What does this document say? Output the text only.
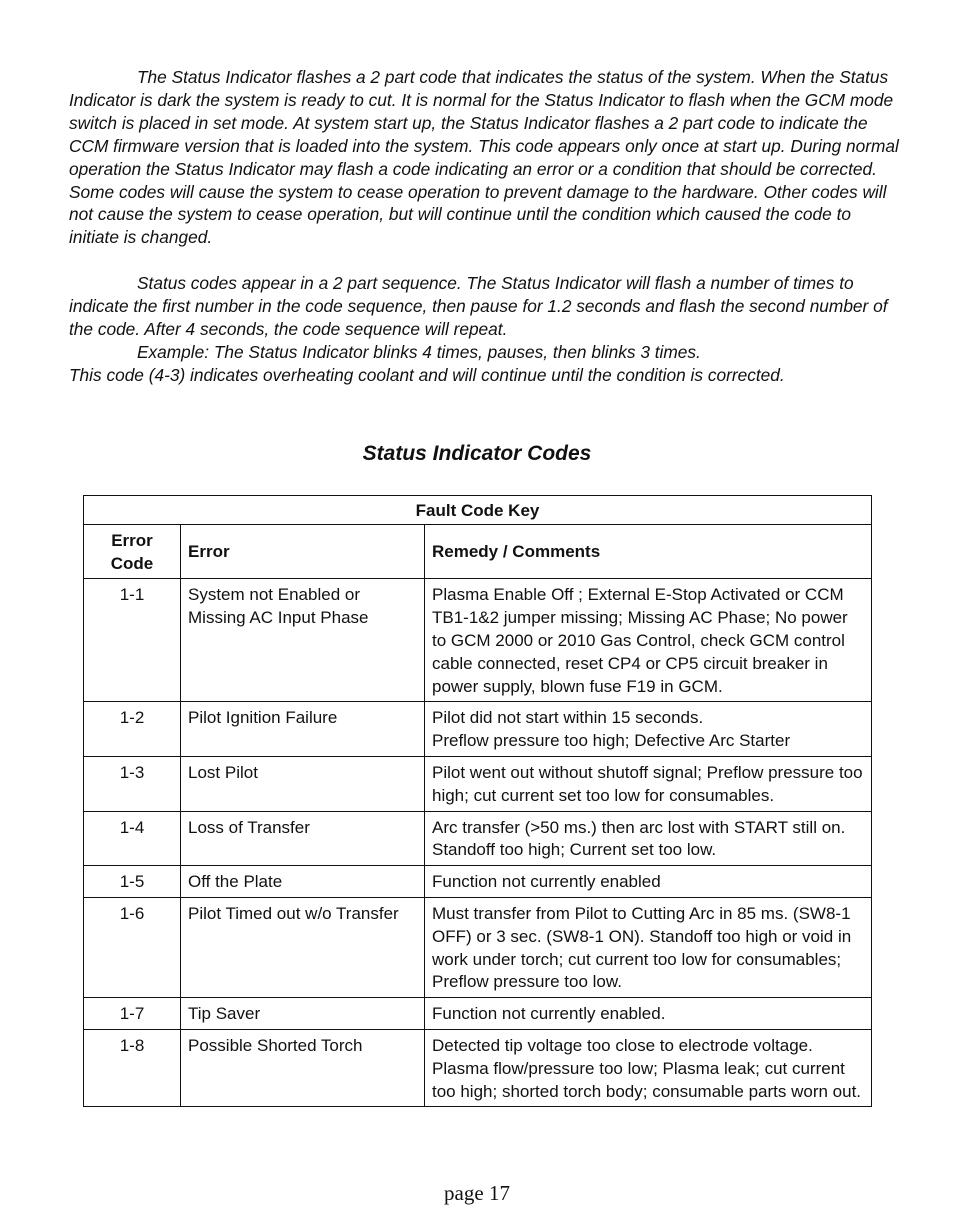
The Status Indicator flashes a 2 part code that indicates the status of the system. When the Status Indicator is dark the system is ready to cut. It is normal for the Status Indicator to flash when the GCM mode switch is placed in set mode. At system start up, the Status Indicator flashes a 2 part code to indicate the CCM firmware version that is loaded into the system. This code appears only once at start up. During normal operation the Status Indicator may flash a code indicating an error or a condition that should be corrected. Some codes will cause the system to cease operation to prevent damage to the hardware. Other codes will not cause the system to cease operation, but will continue until the condition which caused the code to initiate is changed.

Status codes appear in a 2 part sequence. The Status Indicator will flash a number of times to indicate the first number in the code sequence, then pause for 1.2 seconds and flash the second number of the code. After 4 seconds, the code sequence will repeat.

Example: The Status Indicator blinks 4 times, pauses, then blinks 3 times.

This code (4-3) indicates overheating coolant and will continue until the condition is corrected.

Status Indicator Codes
Fault Code Key		
Error Code	Error	Remedy / Comments
1-1	System not Enabled or Missing AC Input Phase	Plasma Enable Off ; External E-Stop Activated or CCM TB1-1&2 jumper missing; Missing AC Phase; No power to GCM 2000 or 2010 Gas Control, check GCM control cable connected, reset CP4 or CP5 circuit breaker in power supply, blown fuse F19 in GCM.
1-2	Pilot Ignition Failure	Pilot did not start within 15 seconds.
Preflow pressure too high; Defective Arc Starter

1-3	Lost Pilot	Pilot went out without shutoff signal; Preflow pressure too high; cut current set too low for consumables.
1-4	Loss of Transfer	Arc transfer (>50 ms.) then arc lost with START still on. Standoff too high; Current set too low.
1-5	Off the Plate	Function not currently enabled
1-6	Pilot Timed out w/o Transfer	Must transfer from Pilot to Cutting Arc in 85 ms. (SW8-1 OFF) or 3 sec. (SW8-1 ON). Standoff too high or void in work under torch; cut current too low for consumables; Preflow pressure too low.
1-7	Tip Saver	Function not currently enabled.
1-8	Possible Shorted Torch	Detected tip voltage too close to electrode voltage. Plasma flow/pressure too low; Plasma leak; cut current too high; shorted torch body; consumable parts worn out.
page 17
